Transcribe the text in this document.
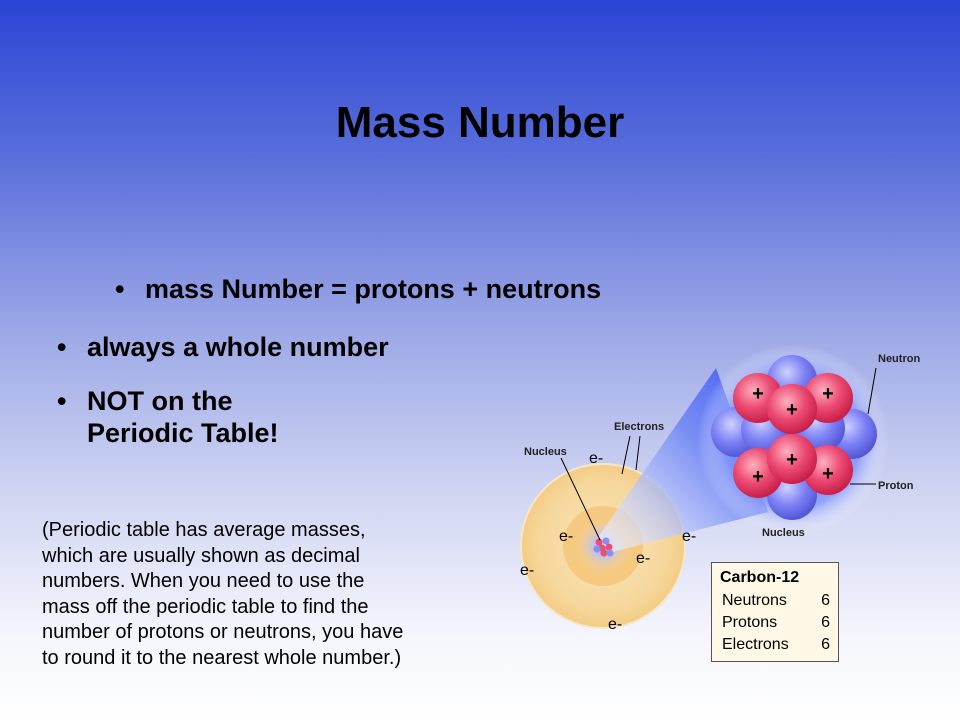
Mass Number
• mass Number = protons + neutrons
• always a whole number
• NOT on the
Periodic Table!
(Periodic table has average masses,
which are usually shown as decimal
numbers. When you need to use the
mass off the periodic table to find the
number of protons or neutrons, you have
to round it to the nearest whole number.)
+	+
+
+
+	+
Electrons
Nucleus
Neutron
Proton
Nucleus
e-
e-	e-
e-
e-
e-
Carbon-12
Neutrons 6
Protons	6
Electrons 6
